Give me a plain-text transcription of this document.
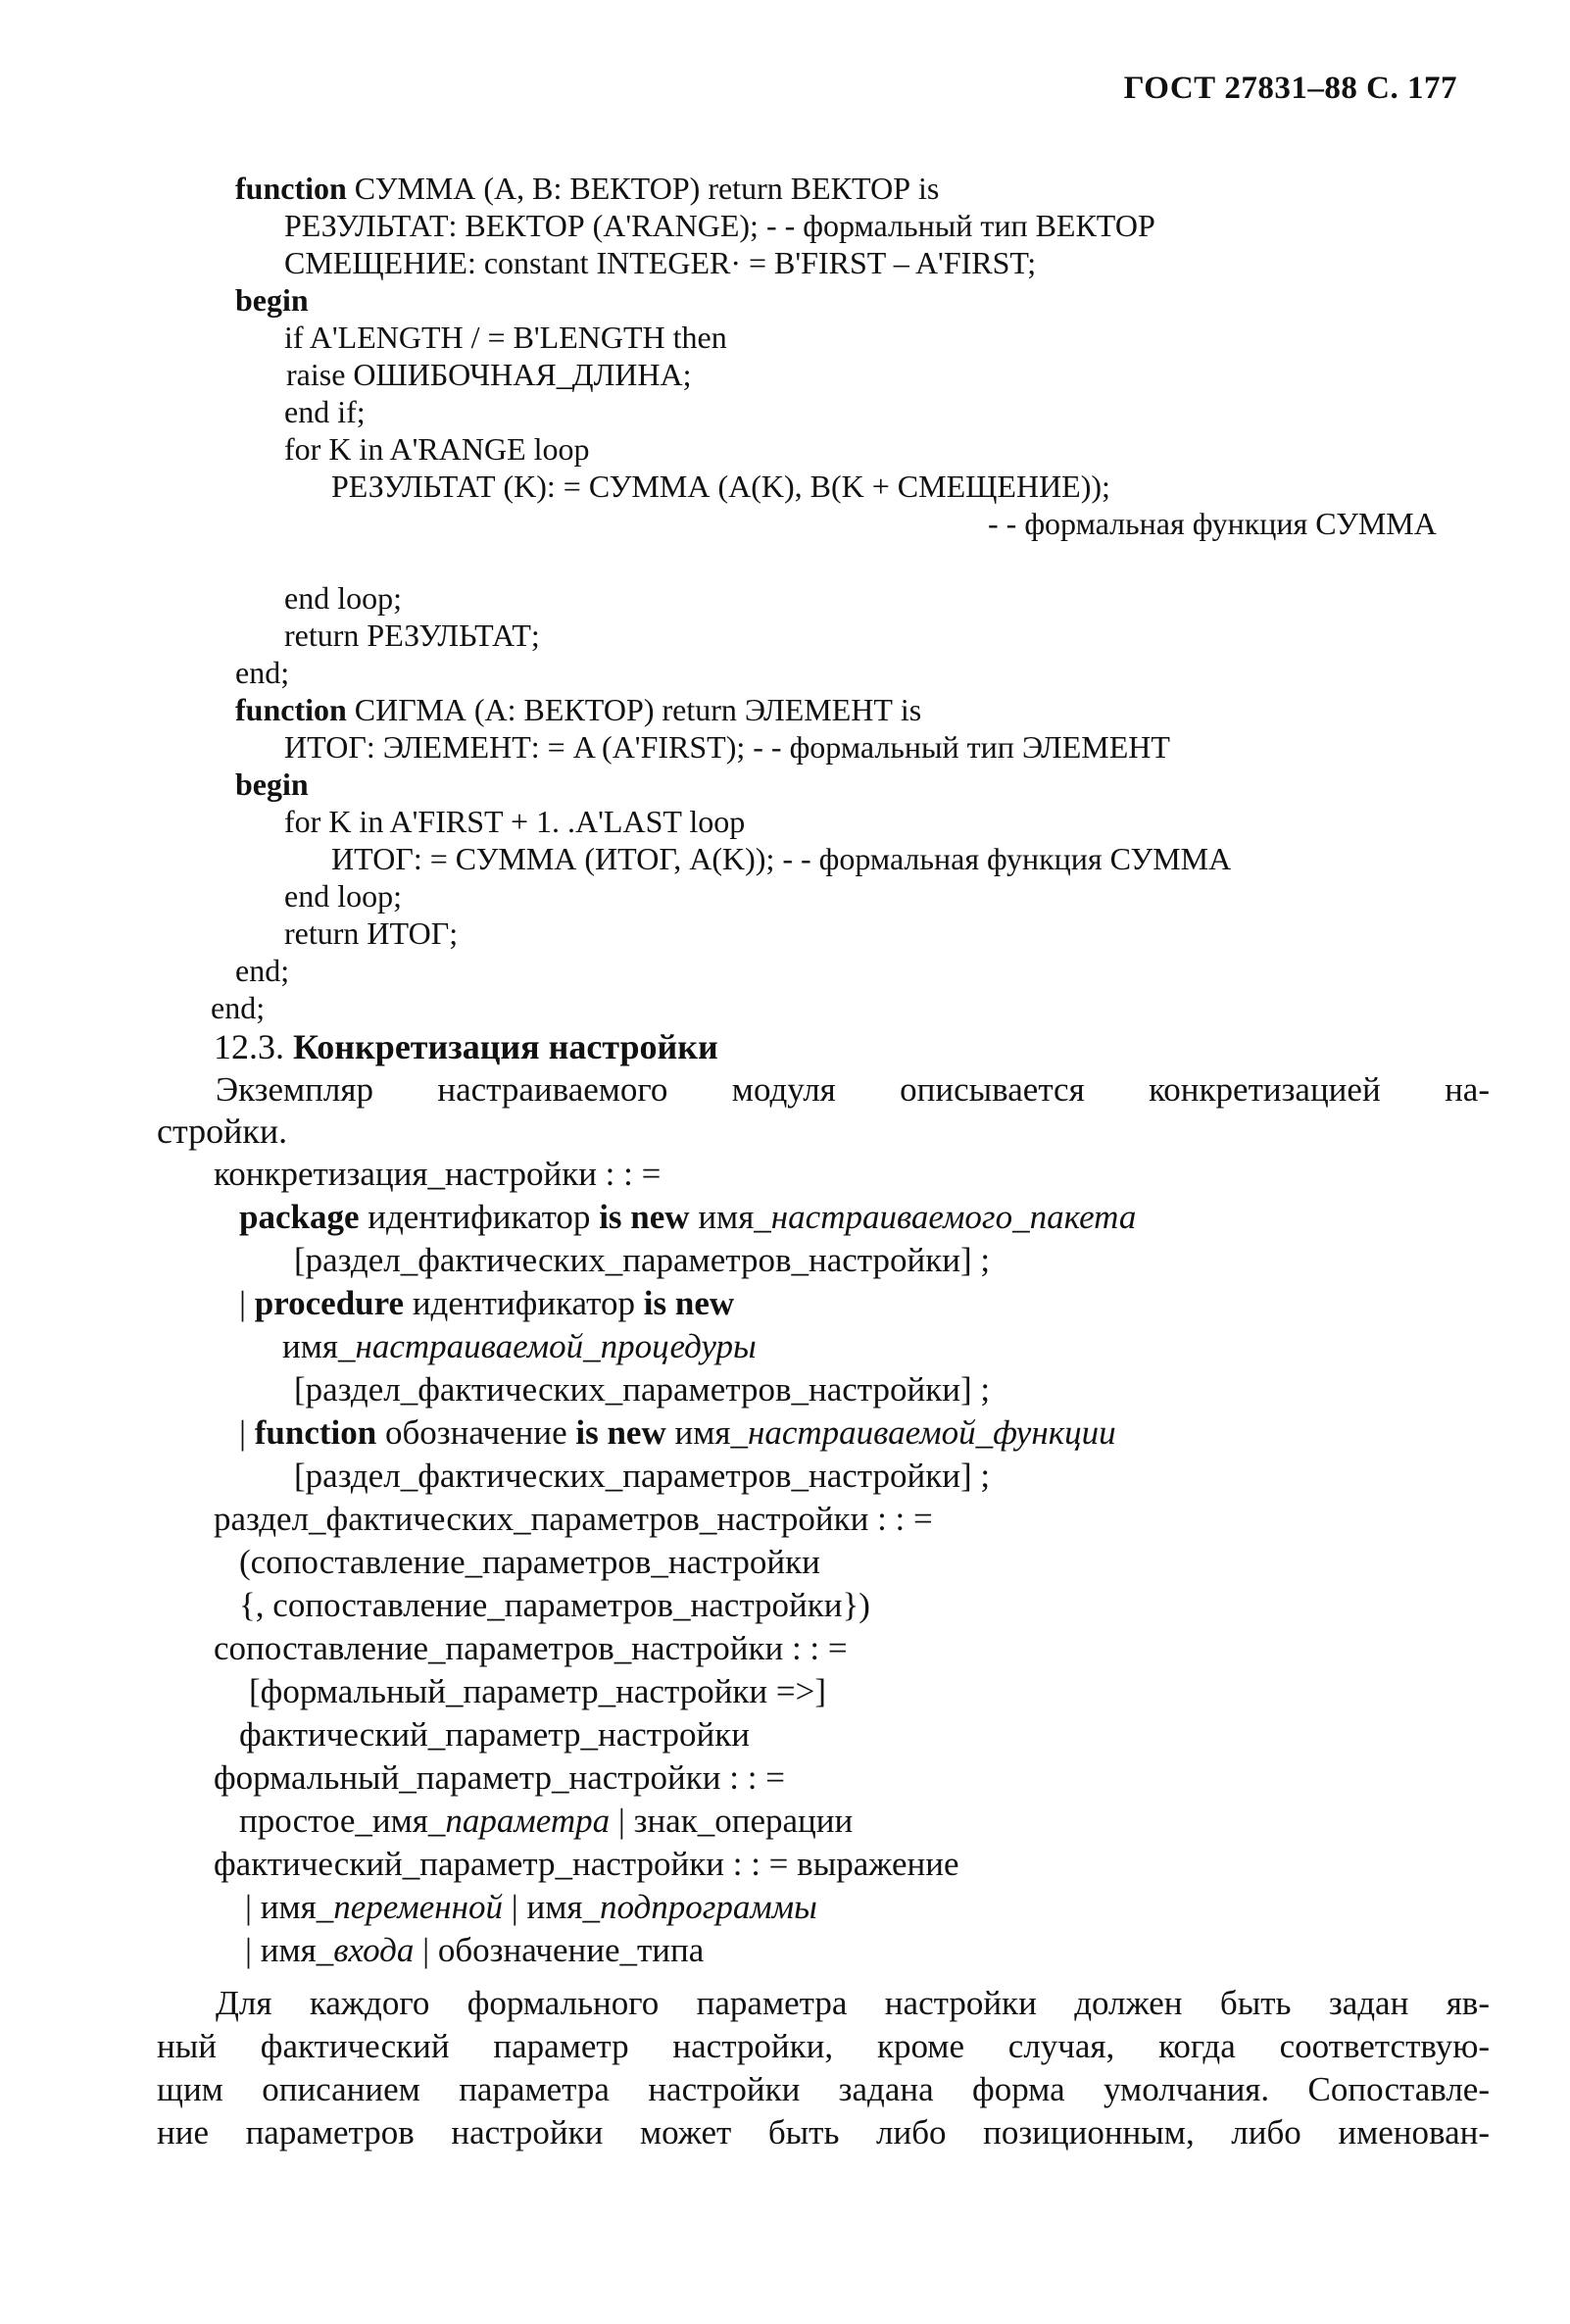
ГОСТ 27831–88 С. 177
function СУММА (A, B: ВЕКТОР) return ВЕКТОР is
РЕЗУЛЬТАТ: ВЕКТОР (A'RANGE); - - формальный тип ВЕКТОР
СМЕЩЕНИЕ: constant INTEGER· = B'FIRST – A'FIRST;
begin
if A'LENGTH / = B'LENGTH then
raise ОШИБОЧНАЯ_ДЛИНА;
end if;
for K in A'RANGE loop
РЕЗУЛЬТАТ (K): = СУММА (A(K), B(K + СМЕЩЕНИЕ));
- - формальная функция СУММА
end loop;
return РЕЗУЛЬТАТ;
end;
function СИГМА (A: ВЕКТОР) return ЭЛЕМЕНТ is
ИТОГ: ЭЛЕМЕНТ: = A (A'FIRST); - - формальный тип ЭЛЕМЕНТ
begin
for K in A'FIRST + 1. .A'LAST loop
ИТОГ: = СУММА (ИТОГ, A(K)); - - формальная функция СУММА
end loop;
return ИТОГ;
end;
end;
12.3. Конкретизация настройки
Экземпляр настраиваемого модуля описывается конкретизацией на-
стройки.
конкретизация_настройки : : =
package идентификатор is new имя_настраиваемого_пакета
[раздел_фактических_параметров_настройки] ;
| procedure идентификатор is new
имя_настраиваемой_процедуры
[раздел_фактических_параметров_настройки] ;
| function обозначение is new имя_настраиваемой_функции
[раздел_фактических_параметров_настройки] ;
раздел_фактических_параметров_настройки : : =
(сопоставление_параметров_настройки
{, сопоставление_параметров_настройки})
сопоставление_параметров_настройки : : =
[формальный_параметр_настройки =>]
фактический_параметр_настройки
формальный_параметр_настройки : : =
простое_имя_параметра | знак_операции
фактический_параметр_настройки : : = выражение
| имя_переменной | имя_подпрограммы
| имя_входа | обозначение_типа
Для каждого формального параметра настройки должен быть задан яв-
ный фактический параметр настройки, кроме случая, когда соответствую-
щим описанием параметра настройки задана форма умолчания. Сопоставле-
ние параметров настройки может быть либо позиционным, либо именован-
